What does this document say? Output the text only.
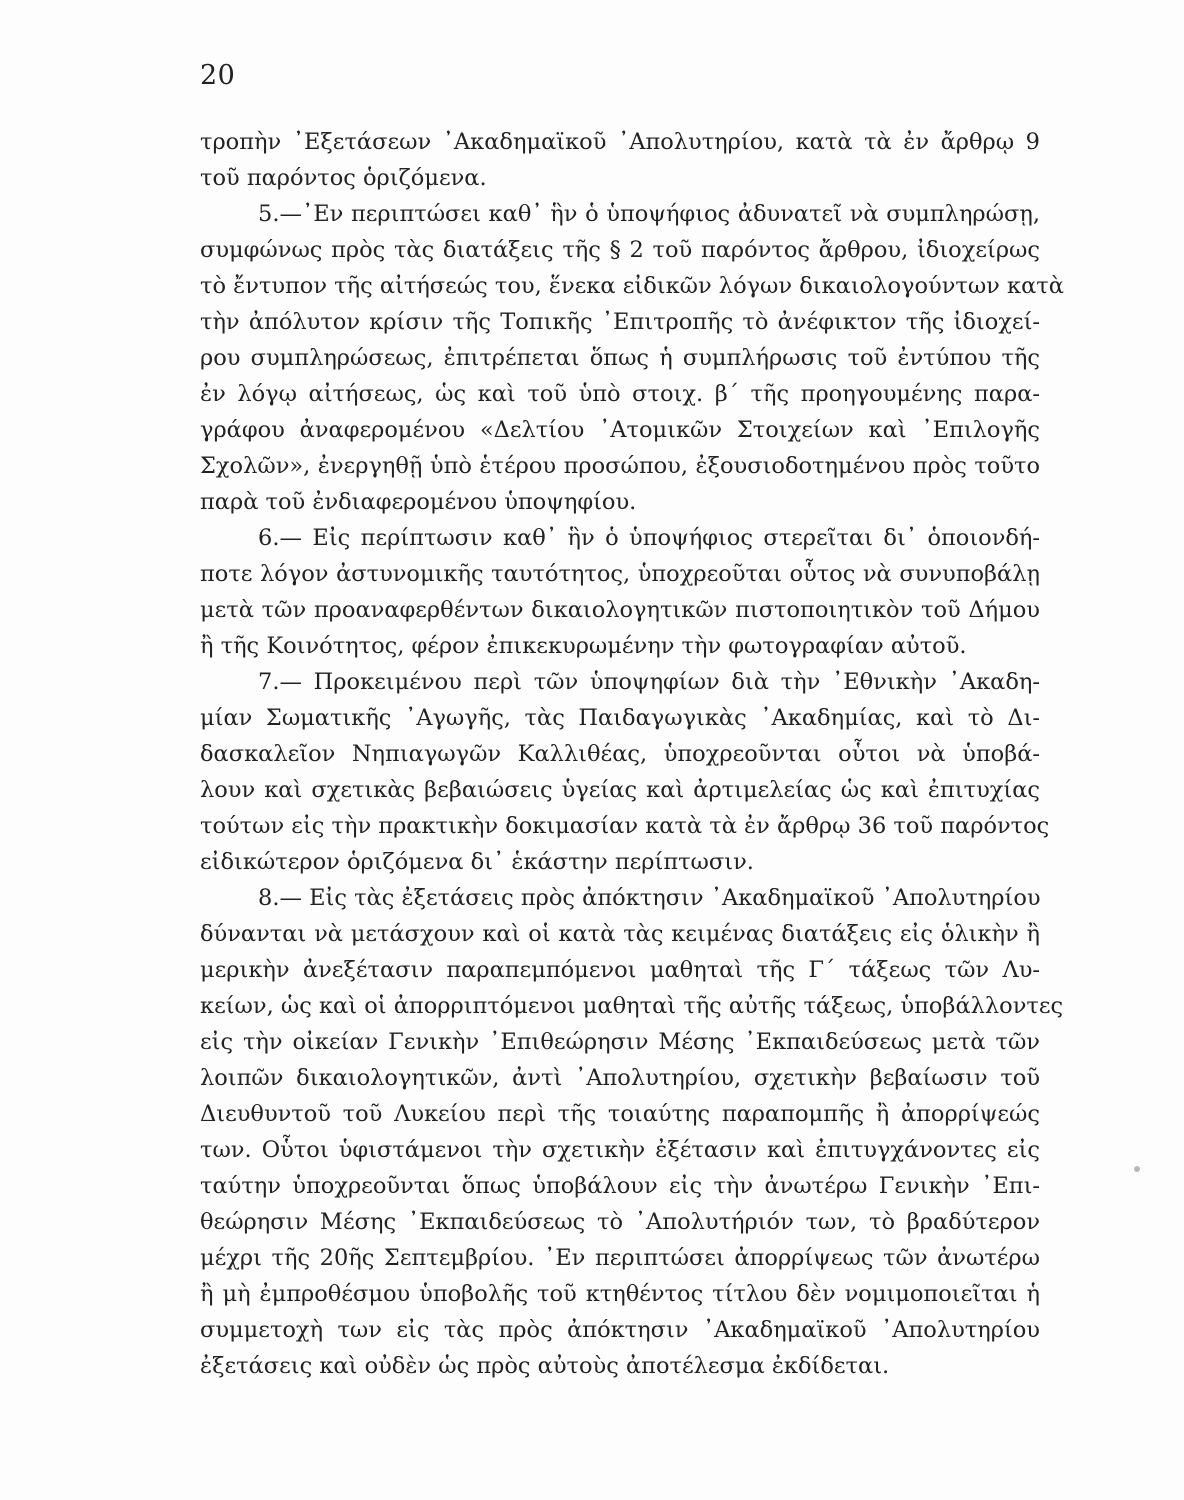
20
τροπὴν ᾿Εξετάσεων ᾿Ακαδημαϊκοῦ ᾿Απολυτηρίου, κατὰ τὰ ἐν ἄρθρῳ 9
τοῦ παρόντος ὁριζόμενα.
5.—᾿Εν περιπτώσει καθ᾿ ἣν ὁ ὑποψήφιος ἀδυνατεῖ νὰ συμπληρώσῃ,
συμφώνως πρὸς τὰς διατάξεις τῆς § 2 τοῦ παρόντος ἄρθρου, ἰδιοχείρως
τὸ ἔντυπον τῆς αἰτήσεώς του, ἕνεκα εἰδικῶν λόγων δικαιολογούντων κατὰ
τὴν ἀπόλυτον κρίσιν τῆς Τοπικῆς ᾿Επιτροπῆς τὸ ἀνέφικτον τῆς ἰδιοχεί-
ρου συμπληρώσεως, ἐπιτρέπεται ὅπως ἡ συμπλήρωσις τοῦ ἐντύπου τῆς
ἐν λόγῳ αἰτήσεως, ὡς καὶ τοῦ ὑπὸ στοιχ. β΄ τῆς προηγουμένης παρα-
γράφου ἀναφερομένου «Δελτίου ᾿Ατομικῶν Στοιχείων καὶ ᾿Επιλογῆς
Σχολῶν», ἐνεργηθῇ ὑπὸ ἑτέρου προσώπου, ἐξουσιοδοτημένου πρὸς τοῦτο
παρὰ τοῦ ἐνδιαφερομένου ὑποψηφίου.
6.— Εἰς περίπτωσιν καθ᾿ ἣν ὁ ὑποψήφιος στερεῖται δι᾿ ὁποιονδή-
ποτε λόγον ἀστυνομικῆς ταυτότητος, ὑποχρεοῦται οὗτος νὰ συνυποβάλῃ
μετὰ τῶν προαναφερθέντων δικαιολογητικῶν πιστοποιητικὸν τοῦ Δήμου
ἢ τῆς Κοινότητος, φέρον ἐπικεκυρωμένην τὴν φωτογραφίαν αὐτοῦ.
7.— Προκειμένου περὶ τῶν ὑποψηφίων διὰ τὴν ᾿Εθνικὴν ᾿Ακαδη-
μίαν Σωματικῆς ᾿Αγωγῆς, τὰς Παιδαγωγικὰς ᾿Ακαδημίας, καὶ τὸ Δι-
δασκαλεῖον Νηπιαγωγῶν Καλλιθέας, ὑποχρεοῦνται οὗτοι νὰ ὑποβά-
λουν καὶ σχετικὰς βεβαιώσεις ὑγείας καὶ ἀρτιμελείας ὡς καὶ ἐπιτυχίας
τούτων εἰς τὴν πρακτικὴν δοκιμασίαν κατὰ τὰ ἐν ἄρθρῳ 36 τοῦ παρόντος
εἰδικώτερον ὁριζόμενα δι᾿ ἑκάστην περίπτωσιν.
8.— Εἰς τὰς ἐξετάσεις πρὸς ἀπόκτησιν ᾿Ακαδημαϊκοῦ ᾿Απολυτηρίου
δύνανται νὰ μετάσχουν καὶ οἱ κατὰ τὰς κειμένας διατάξεις εἰς ὁλικὴν ἢ
μερικὴν ἀνεξέτασιν παραπεμπόμενοι μαθηταὶ τῆς Γ΄ τάξεως τῶν Λυ-
κείων, ὡς καὶ οἱ ἀπορριπτόμενοι μαθηταὶ τῆς αὐτῆς τάξεως, ὑποβάλλοντες
εἰς τὴν οἰκείαν Γενικὴν ᾿Επιθεώρησιν Μέσης ᾿Εκπαιδεύσεως μετὰ τῶν
λοιπῶν δικαιολογητικῶν, ἀντὶ ᾿Απολυτηρίου, σχετικὴν βεβαίωσιν τοῦ
Διευθυντοῦ τοῦ Λυκείου περὶ τῆς τοιαύτης παραπομπῆς ἢ ἀπορρίψεώς
των. Οὗτοι ὑφιστάμενοι τὴν σχετικὴν ἐξέτασιν καὶ ἐπιτυγχάνοντες εἰς
ταύτην ὑποχρεοῦνται ὅπως ὑποβάλουν εἰς τὴν ἀνωτέρω Γενικὴν ᾿Επι-
θεώρησιν Μέσης ᾿Εκπαιδεύσεως τὸ ᾿Απολυτήριόν των, τὸ βραδύτερον
μέχρι τῆς 20ῆς Σεπτεμβρίου. ᾿Εν περιπτώσει ἀπορρίψεως τῶν ἀνωτέρω
ἢ μὴ ἐμπροθέσμου ὑποβολῆς τοῦ κτηθέντος τίτλου δὲν νομιμοποιεῖται ἡ
συμμετοχὴ των εἰς τὰς πρὸς ἀπόκτησιν ᾿Ακαδημαϊκοῦ ᾿Απολυτηρίου
ἐξετάσεις καὶ οὐδὲν ὡς πρὸς αὐτοὺς ἀποτέλεσμα ἐκδίδεται.
